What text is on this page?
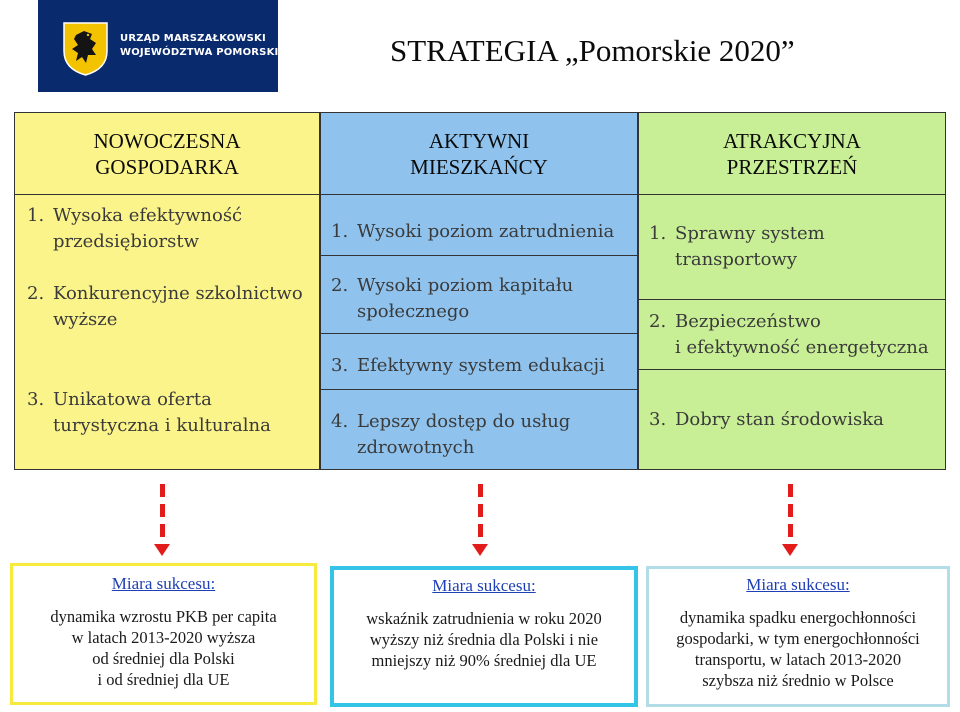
URZĄD MARSZAŁKOWSKI
WOJEWÓDZTWA POMORSKIEGO	STRATEGIA „Pomorskie 2020”
NOWOCZESNA
GOSPODARKA
1. Wysoka efektywność
przedsiębiorstw
2. Konkurencyjne szkolnictwo
wyższe
3. Unikatowa oferta
turystyczna i kulturalna
AKTYWNI
MIESZKAŃCY
1. Wysoki poziom zatrudnienia
2. Wysoki poziom kapitału
społecznego
3. Efektywny system edukacji
4. Lepszy dostęp do usług
zdrowotnych
ATRAKCYJNA
PRZESTRZEŃ
1. Sprawny system
transportowy
2. Bezpieczeństwo
i efektywność energetyczna
3. Dobry stan środowiska
Miara sukcesu:
dynamika wzrostu PKB per capita
w latach 2013-2020 wyższa
od średniej dla Polski
i od średniej dla UE
Miara sukcesu:
wskaźnik zatrudnienia w roku 2020
wyższy niż średnia dla Polski i nie
mniejszy niż 90% średniej dla UE
Miara sukcesu:
dynamika spadku energochłonności
gospodarki, w tym energochłonności
transportu, w latach 2013-2020
szybsza niż średnio w Polsce
